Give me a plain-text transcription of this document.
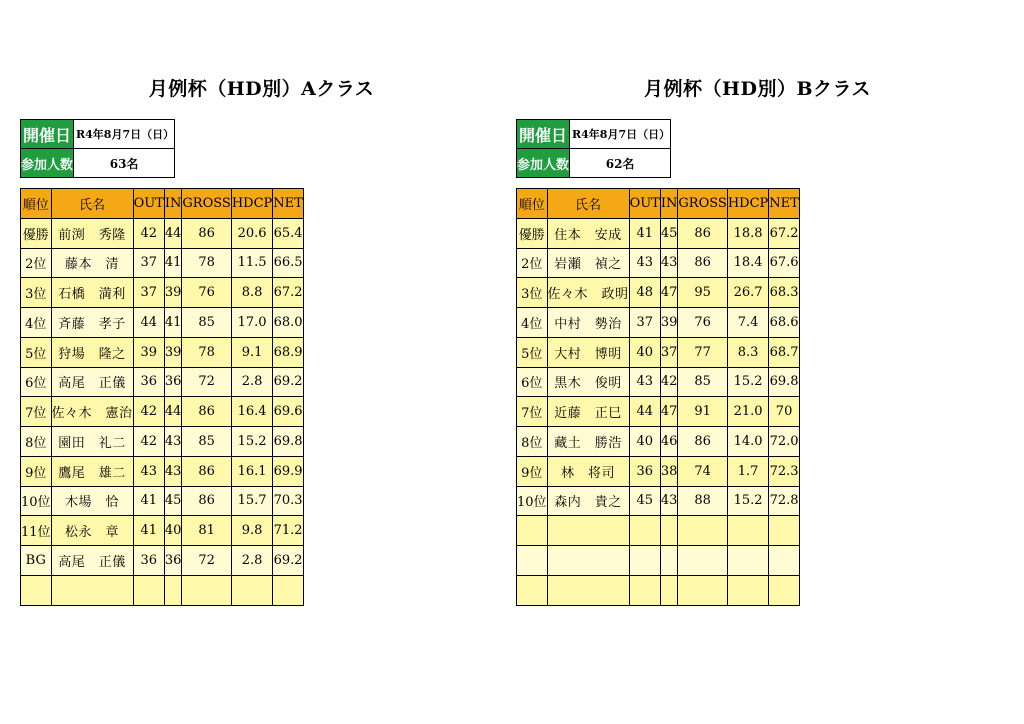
月例杯（HD別）Aクラス
開催日	R4年8月7日（日）
参加人数	63名
順位	氏名	OUT	IN	GROSS	HDCP	NET
優勝	前渕　秀隆	42	44	86	20.6	65.4
2位	藤本　清	37	41	78	11.5	66.5
3位	石橋　満利	37	39	76	8.8	67.2
4位	斉藤　孝子	44	41	85	17.0	68.0
5位	狩場　隆之	39	39	78	9.1	68.9
6位	高尾　正儀	36	36	72	2.8	69.2
7位	佐々木　憲治	42	44	86	16.4	69.6
8位	園田　礼二	42	43	85	15.2	69.8
9位	鷹尾　雄二	43	43	86	16.1	69.9
10位	木場　恰	41	45	86	15.7	70.3
11位	松永　章	41	40	81	9.8	71.2
BG	高尾　正儀	36	36	72	2.8	69.2

月例杯（HD別）Bクラス
開催日	R4年8月7日（日）
参加人数	62名
順位	氏名	OUT	IN	GROSS	HDCP	NET
優勝	住本　安成	41	45	86	18.8	67.2
2位	岩瀬　禎之	43	43	86	18.4	67.6
3位	佐々木　政明	48	47	95	26.7	68.3
4位	中村　勢治	37	39	76	7.4	68.6
5位	大村　博明	40	37	77	8.3	68.7
6位	黒木　俊明	43	42	85	15.2	69.8
7位	近藤　正巳	44	47	91	21.0	70
8位	藏土　勝浩	40	46	86	14.0	72.0
9位	林　将司	36	38	74	1.7	72.3
10位	森内　貴之	45	43	88	15.2	72.8
